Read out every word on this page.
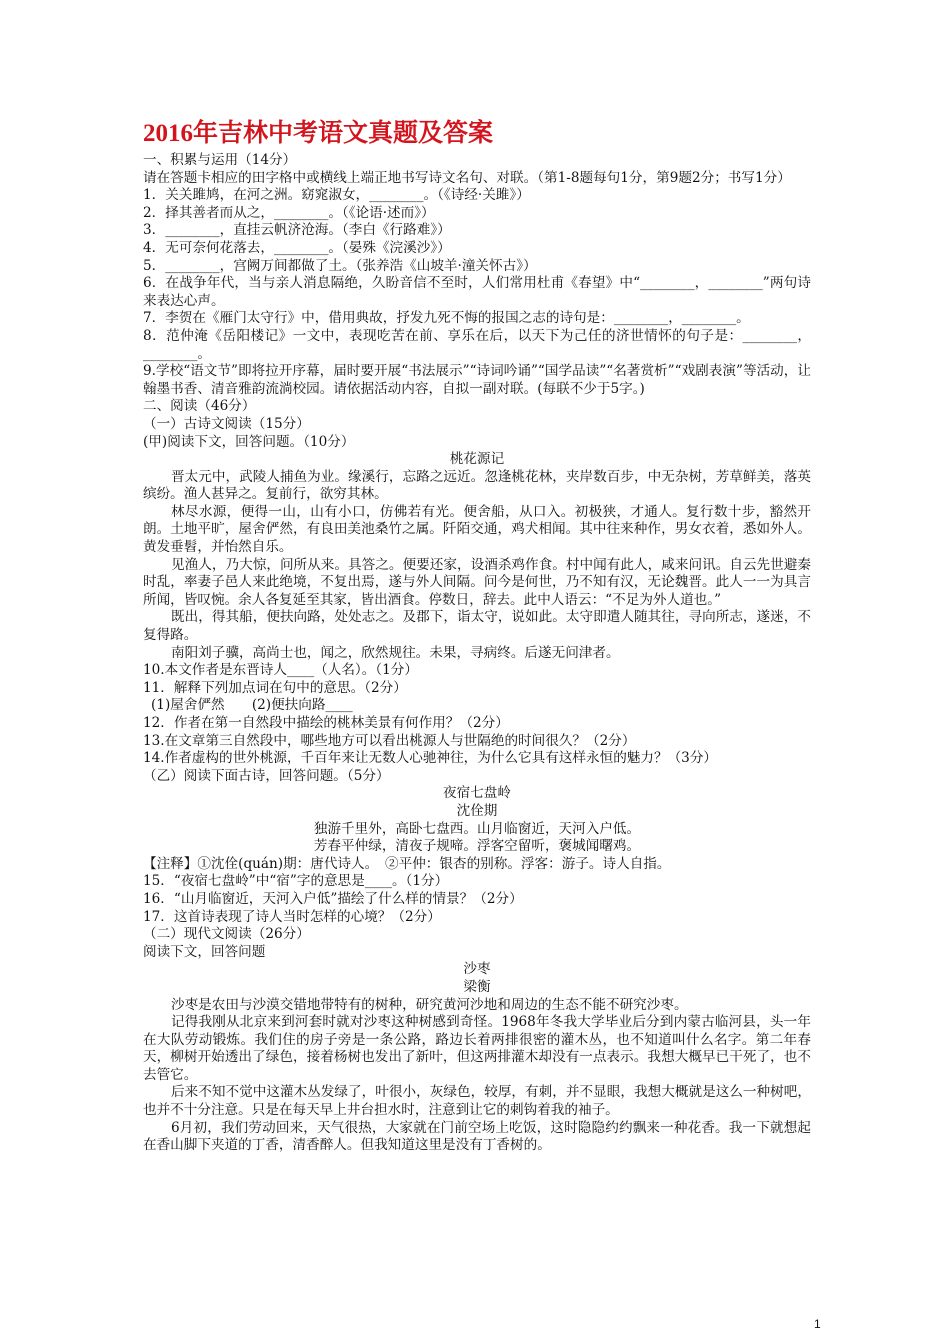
2016年吉林中考语文真题及答案

一、积累与运用（14分）

请在答题卡相应的田字格中或横线上端正地书写诗文名句、对联。（第1-8题每句1分，第9题2分；书写1分）

1．关关雎鸠，在河之洲。窈窕淑女，________。（《诗经·关雎》）

2．择其善者而从之，________。（《论语·述而》）

3．________，直挂云帆济沧海。（李白《行路难》）

4．无可奈何花落去，________。（晏殊《浣溪沙》）

5．________，宫阙万间都做了土。（张养浩《山坡羊·潼关怀古》）

6．在战争年代，当与亲人消息隔绝，久盼音信不至时，人们常用杜甫《春望》中“________，________”两句诗来表达心声。

7．李贺在《雁门太守行》中，借用典故，抒发九死不悔的报国之志的诗句是：________，________。

8．范仲淹《岳阳楼记》一文中，表现吃苦在前、享乐在后，以天下为己任的济世情怀的句子是：________，________。

9.学校“语文节”即将拉开序幕，届时要开展“书法展示”“诗词吟诵”“国学品读”“名著赏析”“戏剧表演”等活动，让翰墨书香、清音雅韵流淌校园。请依据活动内容，自拟一副对联。(每联不少于5字。)

二、阅读（46分）

（一）古诗文阅读（15分）

(甲)阅读下文，回答问题。（10分）

桃花源记

晋太元中，武陵人捕鱼为业。缘溪行，忘路之远近。忽逢桃花林，夹岸数百步，中无杂树，芳草鲜美，落英缤纷。渔人甚异之。复前行，欲穷其林。

林尽水源，便得一山，山有小口，仿佛若有光。便舍船，从口入。初极狭，才通人。复行数十步，豁然开朗。土地平旷，屋舍俨然，有良田美池桑竹之属。阡陌交通，鸡犬相闻。其中往来种作，男女衣着，悉如外人。黄发垂髫，并怡然自乐。

见渔人，乃大惊，问所从来。具答之。便要还家，设酒杀鸡作食。村中闻有此人，咸来问讯。自云先世避秦时乱，率妻子邑人来此绝境，不复出焉，遂与外人间隔。问今是何世，乃不知有汉，无论魏晋。此人一一为具言所闻，皆叹惋。余人各复延至其家，皆出酒食。停数日，辞去。此中人语云：“不足为外人道也。”

既出，得其船，便扶向路，处处志之。及郡下，诣太守，说如此。太守即遣人随其往，寻向所志，遂迷，不复得路。

南阳刘子骥，高尚士也，闻之，欣然规往。未果，寻病终。后遂无问津者。

10.本文作者是东晋诗人____（人名）。（1分）

11．解释下列加点词在句中的意思。（2分）

(1)屋舍俨然　　(2)便扶向路____

12．作者在第一自然段中描绘的桃林美景有何作用？（2分）

13.在文章第三自然段中，哪些地方可以看出桃源人与世隔绝的时间很久？（2分）

14.作者虚构的世外桃源，千百年来让无数人心驰神往，为什么它具有这样永恒的魅力？（3分）

（乙）阅读下面古诗，回答问题。（5分）

夜宿七盘岭

沈佺期

独游千里外，高卧七盘西。山月临窗近，天河入户低。

芳春平仲绿，清夜子规啼。浮客空留听，褒城闻曙鸡。

【注释】①沈佺(quán)期：唐代诗人。　②平仲：银杏的别称。浮客：游子。诗人自指。

15．“夜宿七盘岭”中“宿”字的意思是____。（1分）

16．“山月临窗近，天河入户低”描绘了什么样的情景？（2分）

17．这首诗表现了诗人当时怎样的心境？（2分）

（二）现代文阅读（26分）

阅读下文，回答问题

沙枣

梁衡

沙枣是农田与沙漠交错地带特有的树种，研究黄河沙地和周边的生态不能不研究沙枣。

记得我刚从北京来到河套时就对沙枣这种树感到奇怪。1968年冬我大学毕业后分到内蒙古临河县，头一年在大队劳动锻炼。我们住的房子旁是一条公路，路边长着两排很密的灌木丛，也不知道叫什么名字。第二年春天，柳树开始透出了绿色，接着杨树也发出了新叶，但这两排灌木却没有一点表示。我想大概早已干死了，也不去管它。

后来不知不觉中这灌木丛发绿了，叶很小，灰绿色，较厚，有刺，并不显眼，我想大概就是这么一种树吧，也并不十分注意。只是在每天早上井台担水时，注意到让它的刺钩着我的袖子。

6月初，我们劳动回来，天气很热，大家就在门前空场上吃饭，这时隐隐约约飘来一种花香。我一下就想起在香山脚下夹道的丁香，清香醉人。但我知道这里是没有丁香树的。

1
